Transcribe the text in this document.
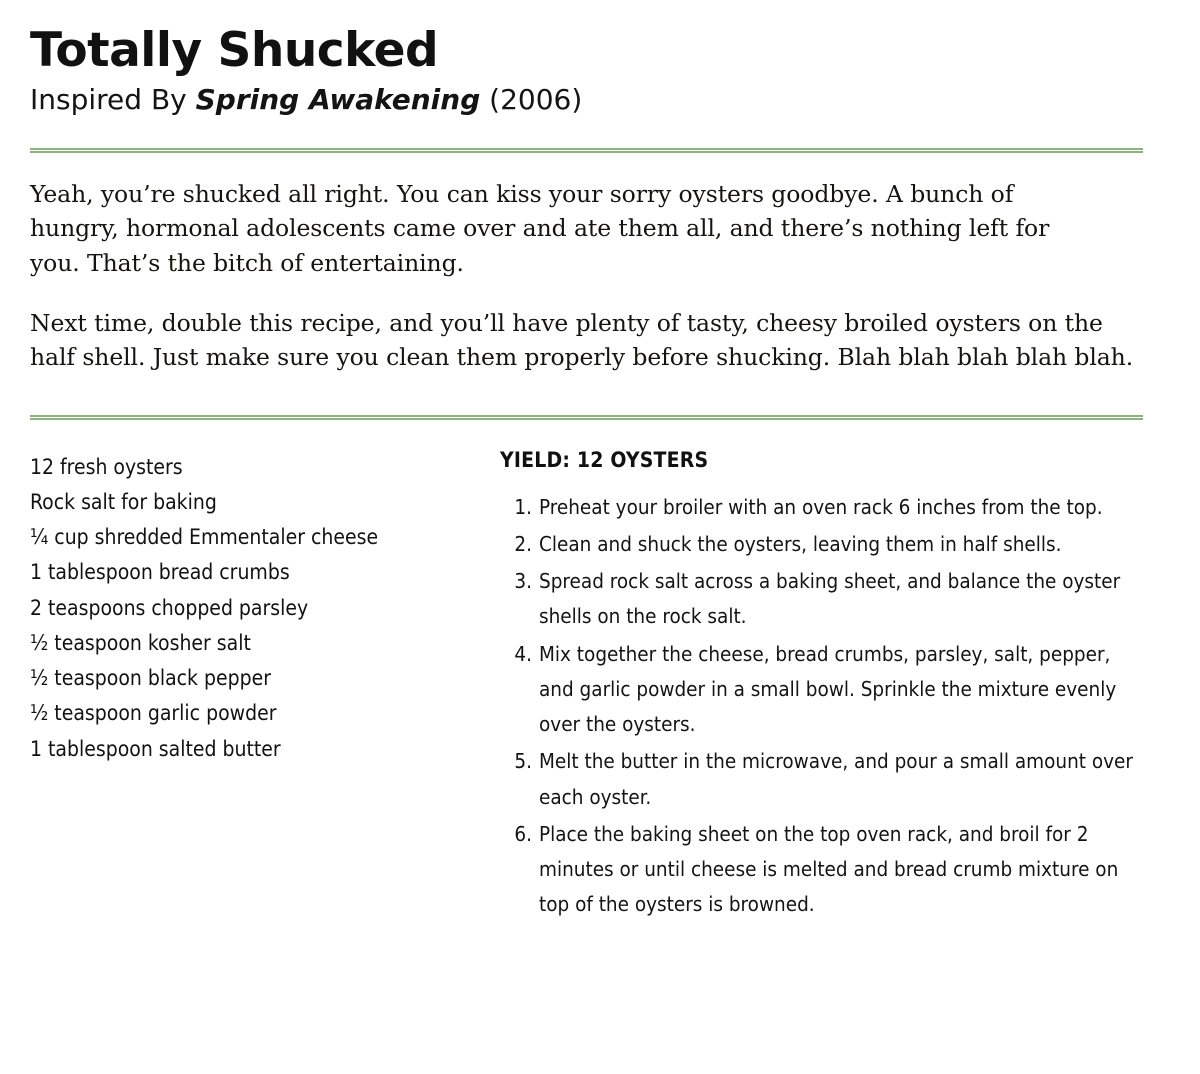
Totally Shucked

Inspired By Spring Awakening (2006)

Yeah, you’re shucked all right. You can kiss your sorry oysters goodbye. A bunch of hungry, hormonal adolescents came over and ate them all, and there’s nothing left for you. That’s the bitch of entertaining.

Next time, double this recipe, and you’ll have plenty of tasty, cheesy broiled oysters on the half shell. Just make sure you clean them properly before shucking. Blah blah blah blah blah.

12 fresh oysters
Rock salt for baking
¼ cup shredded Emmentaler cheese
1 tablespoon bread crumbs
2 teaspoons chopped parsley
½ teaspoon kosher salt
½ teaspoon black pepper
½ teaspoon garlic powder
1 tablespoon salted butter
YIELD: 12 OYSTERS
Preheat your broiler with an oven rack 6 inches from the top.
Clean and shuck the oysters, leaving them in half shells.
Spread rock salt across a baking sheet, and balance the oyster shells on the rock salt.
Mix together the cheese, bread crumbs, parsley, salt, pepper, and garlic powder in a small bowl. Sprinkle the mixture evenly over the oysters.
Melt the butter in the microwave, and pour a small amount over each oyster.
Place the baking sheet on the top oven rack, and broil for 2 minutes or until cheese is melted and bread crumb mixture on top of the oysters is browned.
